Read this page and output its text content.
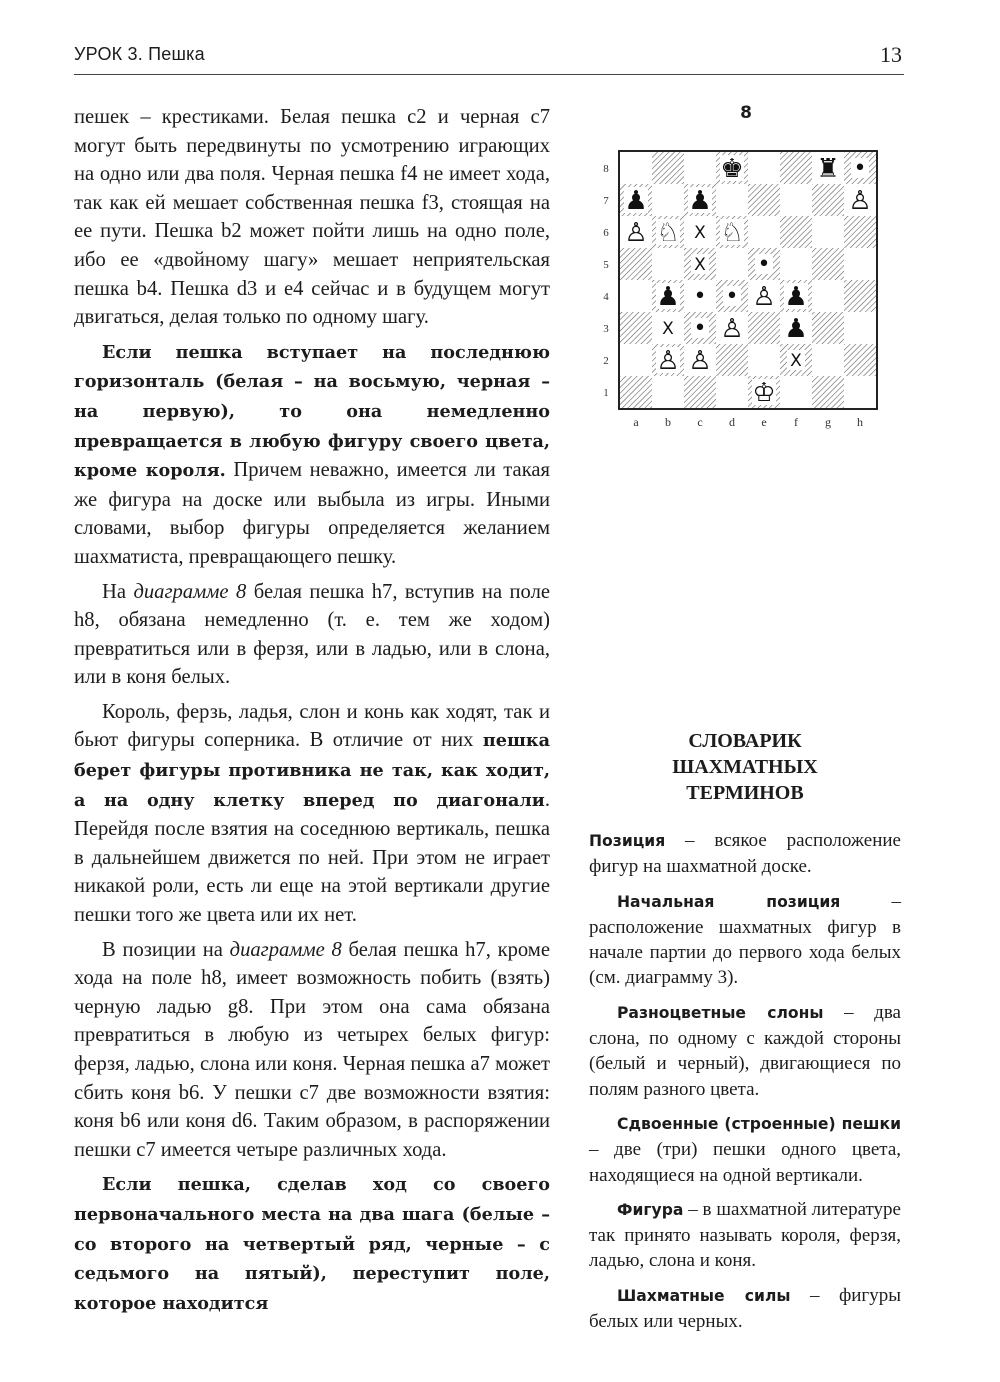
УРОК 3. Пешка	13

пешек – крестиками. Белая пешка c2 и черная c7 могут быть передвинуты по усмотрению играющих на одно или два поля. Черная пешка f4 не имеет хода, так как ей мешает собственная пешка f3, стоящая на ее пути. Пешка b2 может пойти лишь на одно поле, ибо ее «двойному шагу» мешает неприятельская пешка b4. Пешка d3 и e4 сейчас и в будущем могут двигаться, делая только по одному шагу.

Если пешка вступает на последнюю горизонталь (белая – на восьмую, черная – на первую), то она немедленно превращается в любую фигуру своего цвета, кроме короля. Причем неважно, имеется ли такая же фигура на доске или выбыла из игры. Иными словами, выбор фигуры определяется желанием шахматиста, превращающего пешку.

На диаграмме 8 белая пешка h7, вступив на поле h8, обязана немедленно (т. е. тем же ходом) превратиться или в ферзя, или в ладью, или в слона, или в коня белых.

Король, ферзь, ладья, слон и конь как ходят, так и бьют фигуры соперника. В отличие от них пешка берет фигуры противника не так, как ходит, а на одну клетку вперед по диагонали. Перейдя после взятия на соседнюю вертикаль, пешка в дальнейшем движется по ней. При этом не играет никакой роли, есть ли еще на этой вертикали другие пешки того же цвета или их нет.

В позиции на диаграмме 8 белая пешка h7, кроме хода на поле h8, имеет возможность побить (взять) черную ладью g8. При этом она сама обязана превратиться в любую из четырех белых фигур: ферзя, ладью, слона или коня. Черная пешка a7 может сбить коня b6. У пешки c7 две возможности взятия: коня b6 или коня d6. Таким образом, в распоряжении пешки c7 имеется четыре различных хода.

Если пешка, сделав ход со своего первоначального места на два шага (белые – со второго на четвертый ряд, черные – с седьмого на пятый), переступит поле, которое находится

8
8
7
6
5
4
3
2
1
a b c d e f g h
♚	♜
♟ ♟	♙
♙ ♘ ♘
♟	♙ ♟
♙ ♟
♙ ♙
♔
•
X
X •
• •
X •
X
СЛОВАРИК
ШАХМАТНЫХ
ТЕРМИНОВ

Позиция – всякое расположение фигур на шахматной доске.

Начальная позиция – расположение шахматных фигур в начале партии до первого хода белых (см. диаграмму 3).

Разноцветные слоны – два слона, по одному с каждой стороны (белый и черный), двигающиеся по полям разного цвета.

Сдвоенные (строенные) пешки – две (три) пешки одного цвета, находящиеся на одной вертикали.

Фигура – в шахматной литературе так принято называть короля, ферзя, ладью, слона и коня.

Шахматные силы – фигуры белых или черных.
